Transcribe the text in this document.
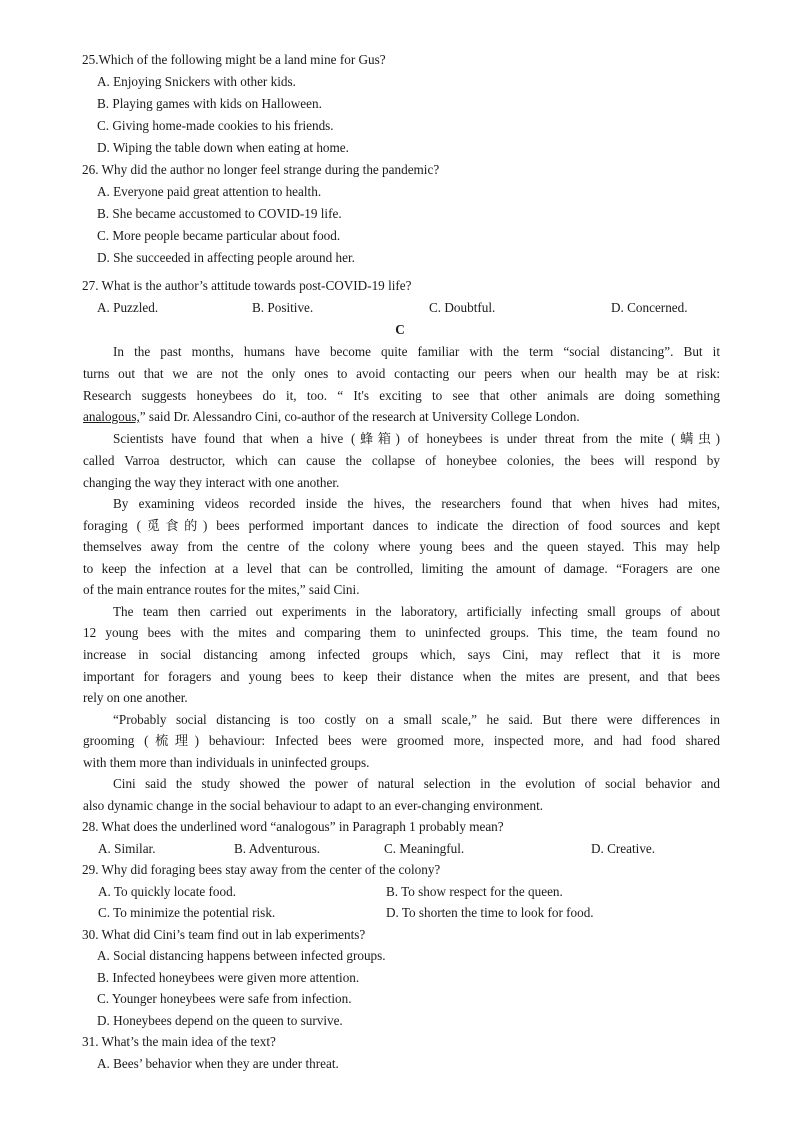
25.Which of the following might be a land mine for Gus?
A. Enjoying Snickers with other kids.
B. Playing games with kids on Halloween.
C. Giving home-made cookies to his friends.
D. Wiping the table down when eating at home.
26. Why did the author no longer feel strange during the pandemic?
A. Everyone paid great attention to health.
B. She became accustomed to COVID-19 life.
C. More people became particular about food.
D. She succeeded in affecting people around her.
27. What is the author’s attitude towards post-COVID-19 life?
A. Puzzled.	B. Positive.	C. Doubtful.	D. Concerned.
C
In the past months, humans have become quite familiar with the term “social distancing”. But it
turns out that we are not the only ones to avoid contacting our peers when our health may be at risk:
Research suggests honeybees do it, too. “ It's exciting to see that other animals are doing something
analogous,” said Dr. Alessandro Cini, co-author of the research at University College London.
Scientists have found that when a hive (蜂箱) of honeybees is under threat from the mite (螨虫)
called Varroa destructor, which can cause the collapse of honeybee colonies, the bees will respond by
changing the way they interact with one another.
By examining videos recorded inside the hives, the researchers found that when hives had mites,
foraging (觅食的) bees performed important dances to indicate the direction of food sources and kept
themselves away from the centre of the colony where young bees and the queen stayed. This may help
to keep the infection at a level that can be controlled, limiting the amount of damage. “Foragers are one
of the main entrance routes for the mites,” said Cini.
The team then carried out experiments in the laboratory, artificially infecting small groups of about
12 young bees with the mites and comparing them to uninfected groups. This time, the team found no
increase in social distancing among infected groups which, says Cini, may reflect that it is more
important for foragers and young bees to keep their distance when the mites are present, and that bees
rely on one another.
“Probably social distancing is too costly on a small scale,” he said. But there were differences in
grooming (梳理) behaviour: Infected bees were groomed more, inspected more, and had food shared
with them more than individuals in uninfected groups.
Cini said the study showed the power of natural selection in the evolution of social behavior and
also dynamic change in the social behaviour to adapt to an ever-changing environment.
28. What does the underlined word “analogous” in Paragraph 1 probably mean?
A. Similar.	B. Adventurous.	C. Meaningful.	D. Creative.
29. Why did foraging bees stay away from the center of the colony?
A. To quickly locate food.	B. To show respect for the queen.
C. To minimize the potential risk.	D. To shorten the time to look for food.
30. What did Cini’s team find out in lab experiments?
A. Social distancing happens between infected groups.
B. Infected honeybees were given more attention.
C. Younger honeybees were safe from infection.
D. Honeybees depend on the queen to survive.
31. What’s the main idea of the text?
A. Bees’ behavior when they are under threat.
